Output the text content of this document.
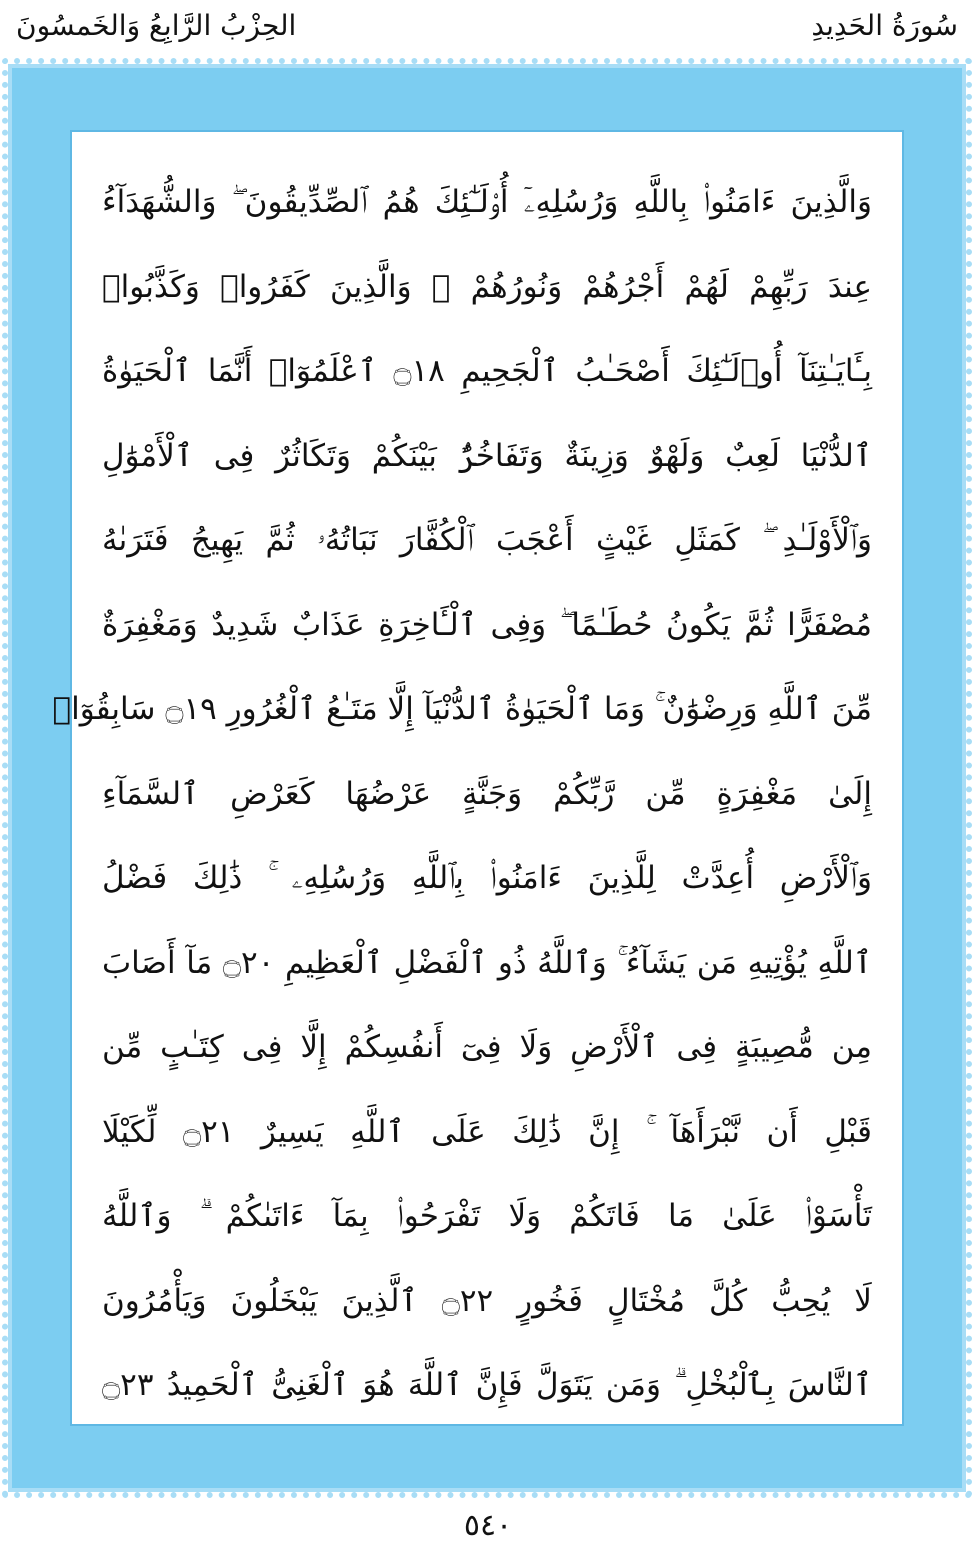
الحِزْبُ الرَّابِعُ وَالخَمسُونَ	سُورَةُ الحَدِيدِ
وَالَّذِينَ ءَامَنُوا۟ بِاللَّهِ وَرُسُلِهِۦٓ أُو۟لَـٰٓئِكَ هُمُ ٱلصِّدِّيقُونَ ۖ وَالشُّهَدَآءُ
عِندَ رَبِّهِمْ لَهُمْ أَجْرُهُمْ وَنُورُهُمْ ۖ وَالَّذِينَ كَفَرُوا۟ وَكَذَّبُوا۟
بِـَٔايَـٰتِنَآ أُو۟لَـٰٓئِكَ أَصْحَـٰبُ ٱلْجَحِيمِ ۝١٨ ٱعْلَمُوٓا۟ أَنَّمَا ٱلْحَيَوٰةُ
ٱلدُّنْيَا لَعِبٌ وَلَهْوٌ وَزِينَةٌ وَتَفَاخُرٌۢ بَيْنَكُمْ وَتَكَاثُرٌ فِى ٱلْأَمْوَٰلِ
وَٱلْأَوْلَـٰدِ ۖ كَمَثَلِ غَيْثٍ أَعْجَبَ ٱلْكُفَّارَ نَبَاتُهُۥ ثُمَّ يَهِيجُ فَتَرَىٰهُ
مُصْفَرًّا ثُمَّ يَكُونُ حُطَـٰمًا ۖ وَفِى ٱلْـَٔاخِرَةِ عَذَابٌ شَدِيدٌ وَمَغْفِرَةٌ
مِّنَ ٱللَّهِ وَرِضْوَٰنٌ ۚ وَمَا ٱلْحَيَوٰةُ ٱلدُّنْيَآ إِلَّا مَتَـٰعُ ٱلْغُرُورِ ۝١٩ سَابِقُوٓا۟
إِلَىٰ مَغْفِرَةٍ مِّن رَّبِّكُمْ وَجَنَّةٍ عَرْضُهَا كَعَرْضِ ٱلسَّمَآءِ
وَٱلْأَرْضِ أُعِدَّتْ لِلَّذِينَ ءَامَنُوا۟ بِٱللَّهِ وَرُسُلِهِۦ ۚ ذَٰلِكَ فَضْلُ
ٱللَّهِ يُؤْتِيهِ مَن يَشَآءُ ۚ وَٱللَّهُ ذُو ٱلْفَضْلِ ٱلْعَظِيمِ ۝٢٠ مَآ أَصَابَ
مِن مُّصِيبَةٍ فِى ٱلْأَرْضِ وَلَا فِىٓ أَنفُسِكُمْ إِلَّا فِى كِتَـٰبٍ مِّن
قَبْلِ أَن نَّبْرَأَهَآ ۚ إِنَّ ذَٰلِكَ عَلَى ٱللَّهِ يَسِيرٌ ۝٢١ لِّكَيْلَا
تَأْسَوْا۟ عَلَىٰ مَا فَاتَكُمْ وَلَا تَفْرَحُوا۟ بِمَآ ءَاتَىٰكُمْ ۗ وَٱللَّهُ
لَا يُحِبُّ كُلَّ مُخْتَالٍ فَخُورٍ ۝٢٢ ٱلَّذِينَ يَبْخَلُونَ وَيَأْمُرُونَ
ٱلنَّاسَ بِٱلْبُخْلِ ۗ وَمَن يَتَوَلَّ فَإِنَّ ٱللَّهَ هُوَ ٱلْغَنِىُّ ٱلْحَمِيدُ ۝٢٣
٥٤٠
